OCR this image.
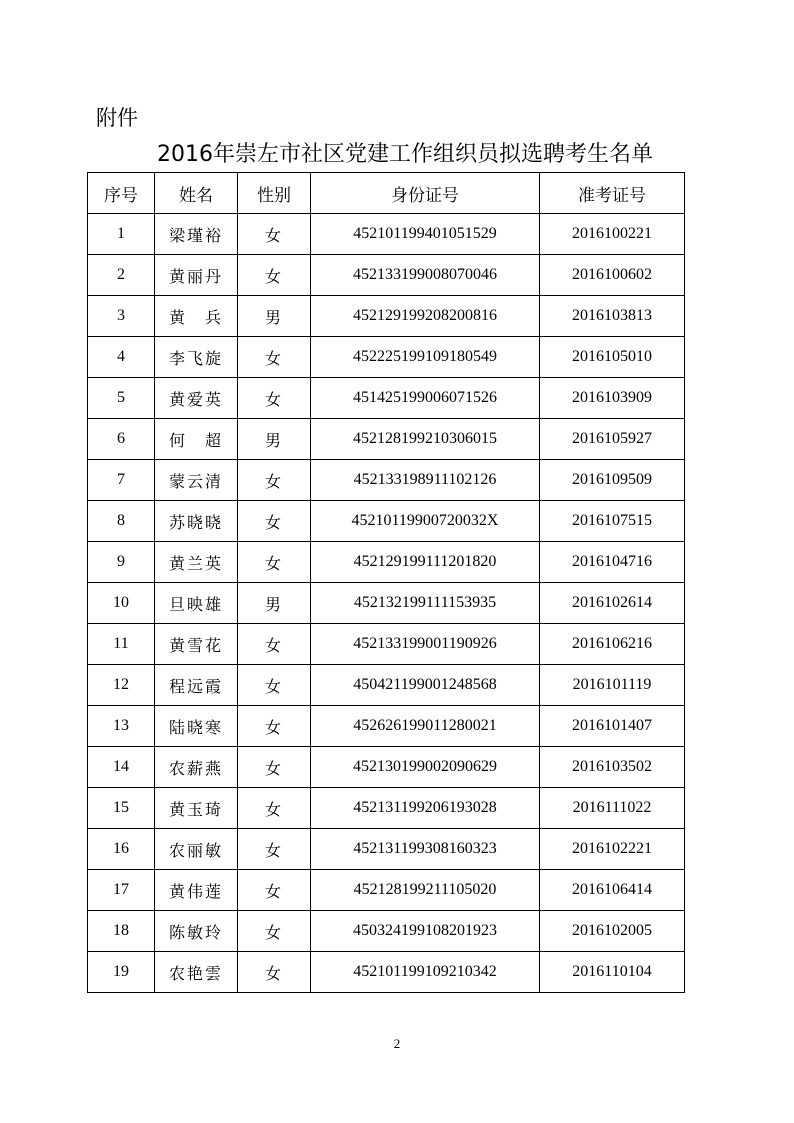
附件
2016年崇左市社区党建工作组织员拟选聘考生名单
序号	姓名	性别	身份证号	准考证号
1	梁瑾裕	女	452101199401051529	2016100221
2	黄丽丹	女	452133199008070046	2016100602
3	黄　兵	男	452129199208200816	2016103813
4	李飞旋	女	452225199109180549	2016105010
5	黄爱英	女	451425199006071526	2016103909
6	何　超	男	452128199210306015	2016105927
7	蒙云清	女	452133198911102126	2016109509
8	苏晓晓	女	45210119900720032X	2016107515
9	黄兰英	女	452129199111201820	2016104716
10	旦映雄	男	452132199111153935	2016102614
11	黄雪花	女	452133199001190926	2016106216
12	程远霞	女	450421199001248568	2016101119
13	陆晓寒	女	452626199011280021	2016101407
14	农薪燕	女	452130199002090629	2016103502
15	黄玉琦	女	452131199206193028	2016111022
16	农丽敏	女	452131199308160323	2016102221
17	黄伟莲	女	452128199211105020	2016106414
18	陈敏玲	女	450324199108201923	2016102005
19	农艳雲	女	452101199109210342	2016110104
2
